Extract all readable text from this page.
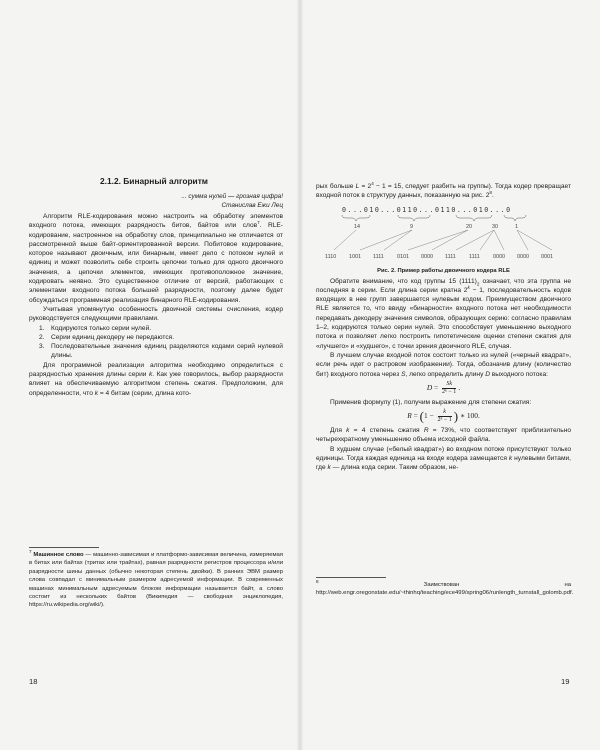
2.1.2. Бинарный алгоритм
... сумма нулей — грозная цифра!
Станислав Ежи Лец

Алгоритм RLE-кодирования можно настроить на обработку элементов входного потока, имеющих разрядность битов, байтов или слов$^7$. RLE-кодирование, настроенное на обработку слов, принципиально не отличается от рассмотренной выше байт-ориентированной версии. Побитовое кодирование, которое называют двоичным, или бинарным, имеет дело с потоком нулей и единиц и может позволить себе строить цепочки только для одного двоичного значения, а цепочки элементов, имеющих противоположное значение, кодировать неявно. Это существенное отличие от версий, работающих с элементами входного потока большей разрядности, поэтому далее будет обсуждаться программная реализация бинарного RLE-кодирования.

Учитывая упомянутую особенность двоичной системы счисления, кодер руководствуется следующими правилами.

1. Кодируются только серии нулей.
2. Серии единиц декодеру не передаются.
3. Последовательные значения единиц разделяются кодами серий нулевой длины.

Для программной реализации алгоритма необходимо определиться с разрядностью хранения длины серии k. Как уже говорилось, выбор разрядности влияет на обеспечиваемую алгоритмом степень сжатия. Предположим, для определенности, что k = 4 битам (серии, длина кото-

$^7$ Машинное слово — машинно-зависимая и платформо-зависимая величина, измеряемая в битах или байтах (тритах или трайтах), равная разрядности регистров процессора и/или разрядности шины данных (обычно некоторая степень двойки). В ранних ЭВМ размер слова совпадал с минимальным размером адресуемой информации. В современных машинах минимальным адресуемым блоком информации называется байт, а слово состоит из нескольких байтов (Википедия — свободная энциклопедия, https://ru.wikipedia.org/wiki/).

18

рых больше $L = 2^4 - 1 = 15$, следует разбить на группы). Тогда кодер превращает входной поток в структуру данных, показанную на рис. $2^8$.

0...010...0110...0110...010...0
14	9	20	30	1
1110 1001 1111 0101 0000 1111 1111 0000 0000 0001
Рис. 2. Пример работы двоичного кодера RLE

Обратите внимание, что код группы 15 $(1111)_2$ означает, что эта группа не последняя в серии. Если длина серии кратна $2^k - 1$, последовательность кодов входящих в нее групп завершается нулевым кодом. Преимуществом двоичного RLE является то, что ввиду «бинарности» входного потока нет необходимости передавать декодеру значения символов, образующих серию: согласно правилам 1–2, кодируются только серии нулей. Это способствует уменьшению выходного потока и позволяет легко построить гипотетические оценки степени сжатия для «лучшего» и «худшего», с точки зрения двоичного RLE, случая.

В лучшем случае входной поток состоит только из нулей («черный квадрат», если речь идет о растровом изображении). Тогда, обозначив длину (количество бит) входного потока через S, легко определить длину D выходного потока:

$D = \frac{Sk}{\text{2ᵏ − 1}}$ .

Применив формулу (1), получим выражение для степени сжатия:

$R = (1 - \frac{k}{\text{2ᵏ − 1}}$ ) ∗ 100.

Для k = 4 степень сжатия R = 73%, что соответствует приблизительно четырехкратному уменьшению объема исходной файла.

В худшем случае («белый квадрат») во входном потоке присутствуют только единицы. Тогда каждая единица на входе кодера замещается k нулевыми битами, где k — длина кода серии. Таким образом, не-

$^8$ Заимствован на http://web.engr.oregonstate.edu/~thinhq/teaching/ece499/spring06/runlength_turnstall_golomb.pdf.

19
